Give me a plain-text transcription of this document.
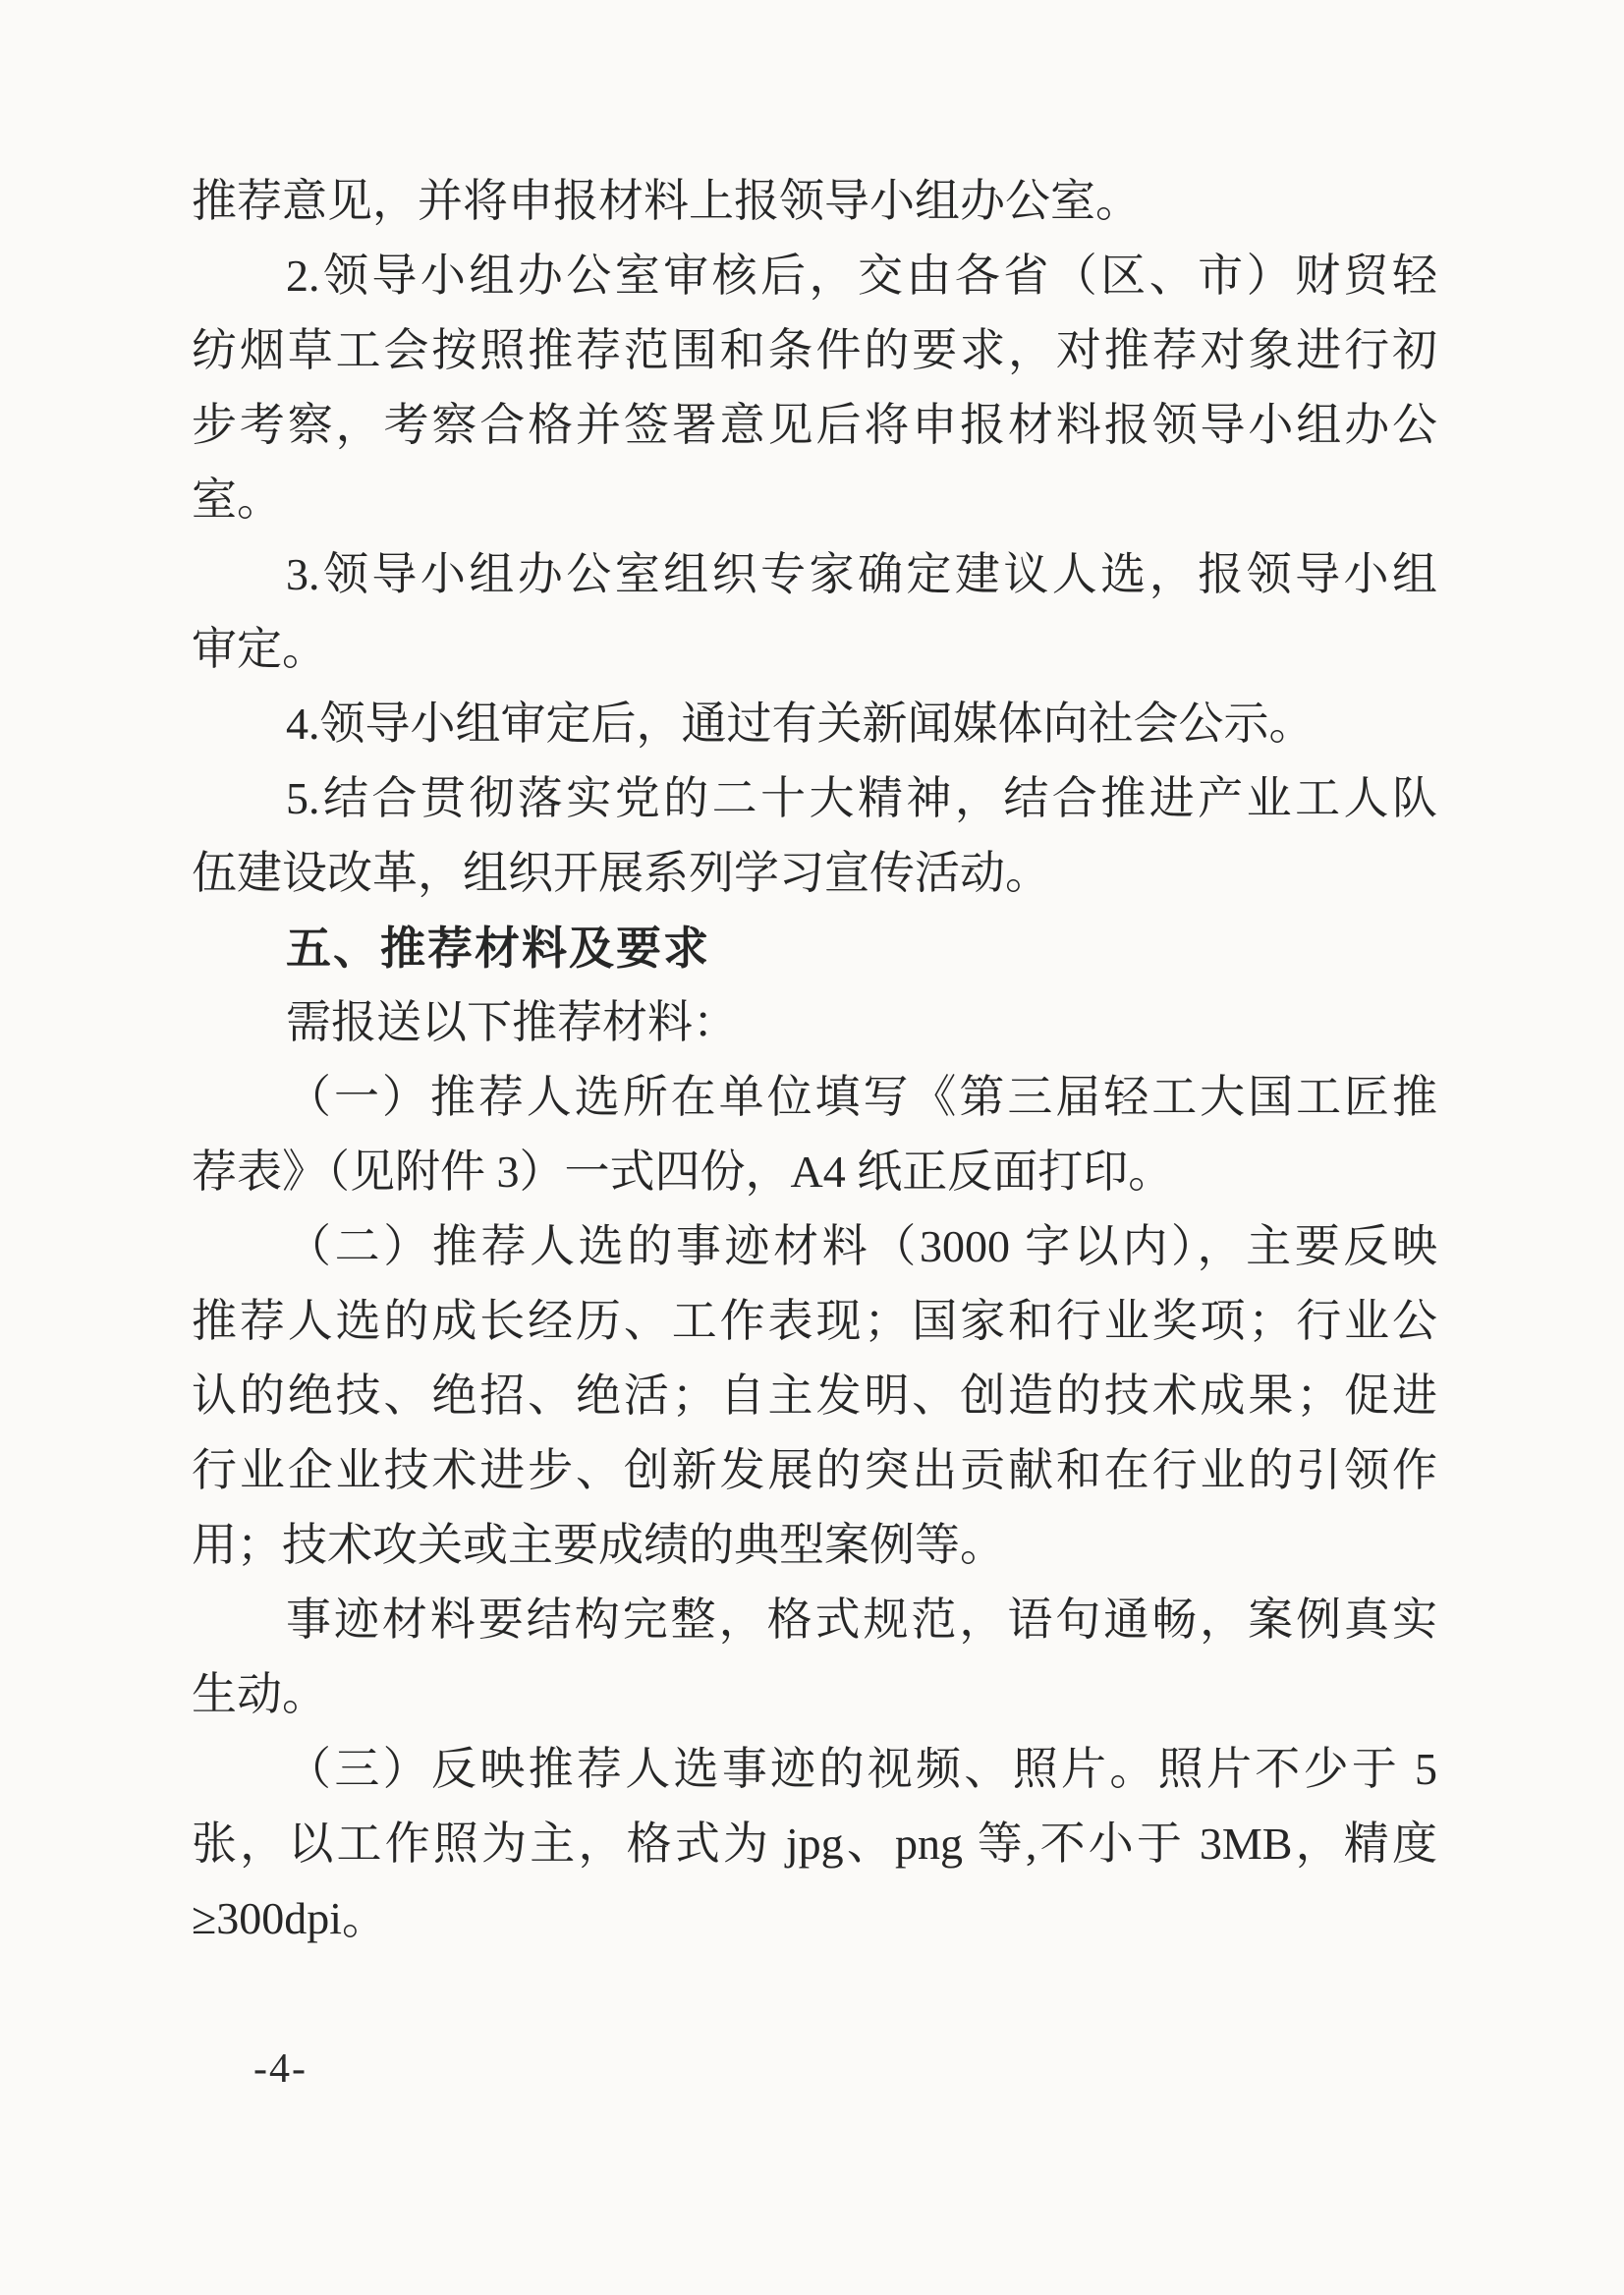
推荐意见，并将申报材料上报领导小组办公室。
2.领导小组办公室审核后，交由各省（区、市）财贸轻
纺烟草工会按照推荐范围和条件的要求，对推荐对象进行初
步考察，考察合格并签署意见后将申报材料报领导小组办公
室。
3.领导小组办公室组织专家确定建议人选，报领导小组
审定。
4.领导小组审定后，通过有关新闻媒体向社会公示。
5.结合贯彻落实党的二十大精神，结合推进产业工人队
伍建设改革，组织开展系列学习宣传活动。
五、推荐材料及要求
需报送以下推荐材料：
（一）推荐人选所在单位填写《第三届轻工大国工匠推
荐表》（见附件 3）一式四份，A4 纸正反面打印。
（二）推荐人选的事迹材料（3000 字以内），主要反映
推荐人选的成长经历、工作表现；国家和行业奖项；行业公
认的绝技、绝招、绝活；自主发明、创造的技术成果；促进
行业企业技术进步、创新发展的突出贡献和在行业的引领作
用；技术攻关或主要成绩的典型案例等。
事迹材料要结构完整，格式规范，语句通畅，案例真实
生动。
（三）反映推荐人选事迹的视频、照片。照片不少于 5
张，以工作照为主，格式为 jpg、png 等,不小于 3MB，精度
≥300dpi。
-4-
